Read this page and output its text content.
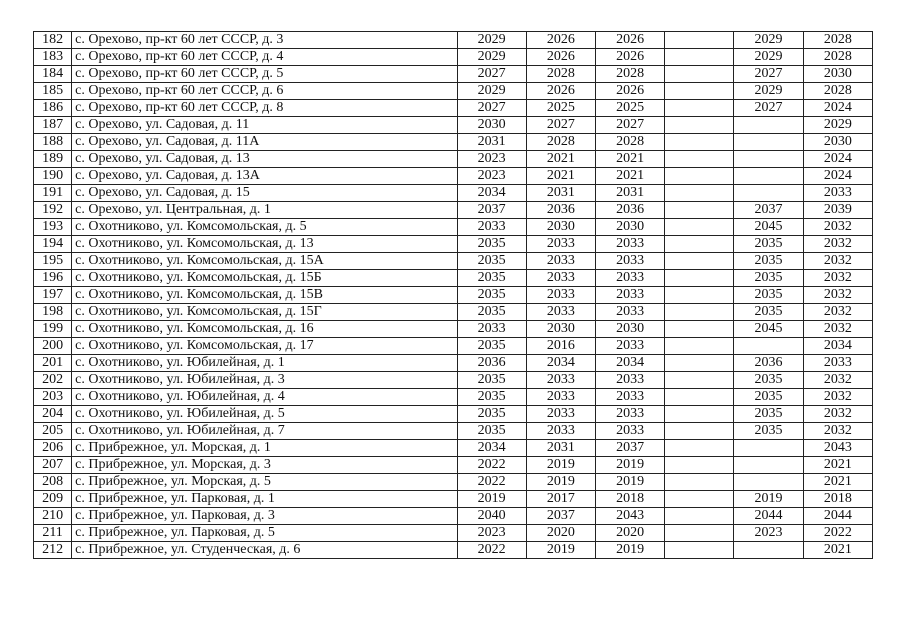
182	с. Орехово, пр-кт 60 лет СССР, д. 3	2029	2026	2026		2029	2028
183	с. Орехово, пр-кт 60 лет СССР, д. 4	2029	2026	2026		2029	2028
184	с. Орехово, пр-кт 60 лет СССР, д. 5	2027	2028	2028		2027	2030
185	с. Орехово, пр-кт 60 лет СССР, д. 6	2029	2026	2026		2029	2028
186	с. Орехово, пр-кт 60 лет СССР, д. 8	2027	2025	2025		2027	2024
187	с. Орехово, ул. Садовая, д. 11	2030	2027	2027			2029
188	с. Орехово, ул. Садовая, д. 11А	2031	2028	2028			2030
189	с. Орехово, ул. Садовая, д. 13	2023	2021	2021			2024
190	с. Орехово, ул. Садовая, д. 13А	2023	2021	2021			2024
191	с. Орехово, ул. Садовая, д. 15	2034	2031	2031			2033
192	с. Орехово, ул. Центральная, д. 1	2037	2036	2036		2037	2039
193	с. Охотниково, ул. Комсомольская, д. 5	2033	2030	2030		2045	2032
194	с. Охотниково, ул. Комсомольская, д. 13	2035	2033	2033		2035	2032
195	с. Охотниково, ул. Комсомольская, д. 15А	2035	2033	2033		2035	2032
196	с. Охотниково, ул. Комсомольская, д. 15Б	2035	2033	2033		2035	2032
197	с. Охотниково, ул. Комсомольская, д. 15В	2035	2033	2033		2035	2032
198	с. Охотниково, ул. Комсомольская, д. 15Г	2035	2033	2033		2035	2032
199	с. Охотниково, ул. Комсомольская, д. 16	2033	2030	2030		2045	2032
200	с. Охотниково, ул. Комсомольская, д. 17	2035	2016	2033			2034
201	с. Охотниково, ул. Юбилейная, д. 1	2036	2034	2034		2036	2033
202	с. Охотниково, ул. Юбилейная, д. 3	2035	2033	2033		2035	2032
203	с. Охотниково, ул. Юбилейная, д. 4	2035	2033	2033		2035	2032
204	с. Охотниково, ул. Юбилейная, д. 5	2035	2033	2033		2035	2032
205	с. Охотниково, ул. Юбилейная, д. 7	2035	2033	2033		2035	2032
206	с. Прибрежное, ул. Морская, д. 1	2034	2031	2037			2043
207	с. Прибрежное, ул. Морская, д. 3	2022	2019	2019			2021
208	с. Прибрежное, ул. Морская, д. 5	2022	2019	2019			2021
209	с. Прибрежное, ул. Парковая, д. 1	2019	2017	2018		2019	2018
210	с. Прибрежное, ул. Парковая, д. 3	2040	2037	2043		2044	2044
211	с. Прибрежное, ул. Парковая, д. 5	2023	2020	2020		2023	2022
212	с. Прибрежное, ул. Студенческая, д. 6	2022	2019	2019			2021
